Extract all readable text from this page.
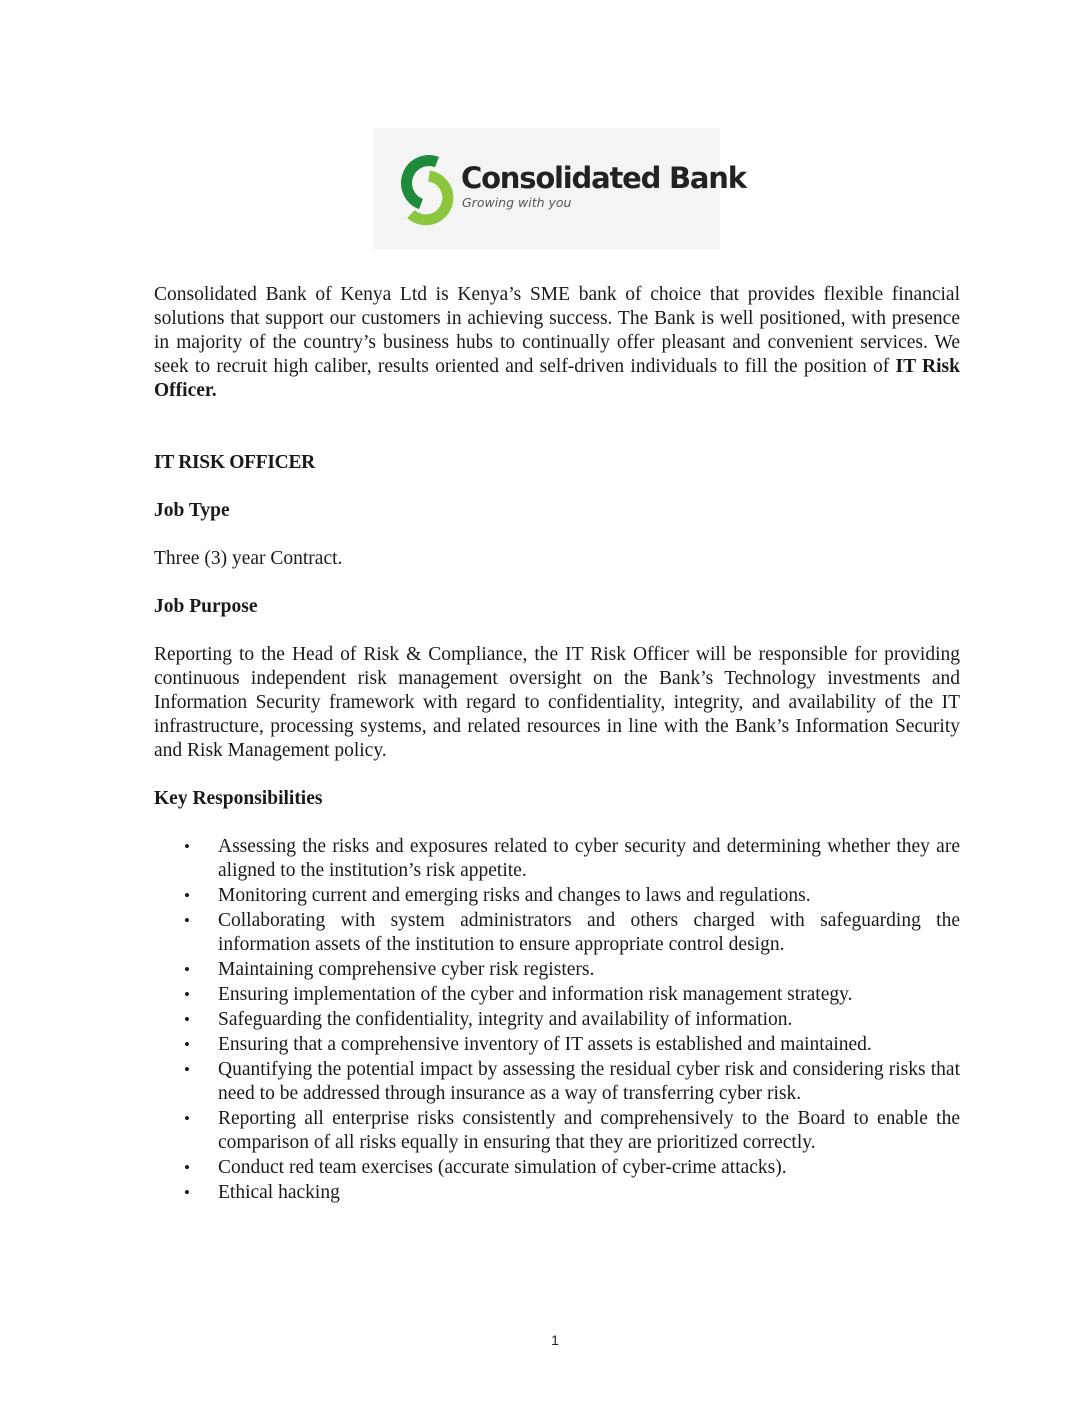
Consolidated Bank
Growing with you

Consolidated Bank of Kenya Ltd is Kenya’s SME bank of choice that provides flexible financial solutions that support our customers in achieving success. The Bank is well positioned, with presence in majority of the country’s business hubs to continually offer pleasant and convenient services. We seek to recruit high caliber, results oriented and self-driven individuals to fill the position of IT Risk Officer.

IT RISK OFFICER
Job Type

Three (3) year Contract.

Job Purpose

Reporting to the Head of Risk & Compliance, the IT Risk Officer will be responsible for providing continuous independent risk management oversight on the Bank’s Technology investments and Information Security framework with regard to confidentiality, integrity, and availability of the IT infrastructure, processing systems, and related resources in line with the Bank’s Information Security and Risk Management policy.

Key Responsibilities
• Assessing the risks and exposures related to cyber security and determining whether they are aligned to the institution’s risk appetite.
• Monitoring current and emerging risks and changes to laws and regulations.
• Collaborating with system administrators and others charged with safeguarding the information assets of the institution to ensure appropriate control design.
• Maintaining comprehensive cyber risk registers.
• Ensuring implementation of the cyber and information risk management strategy.
• Safeguarding the confidentiality, integrity and availability of information.
• Ensuring that a comprehensive inventory of IT assets is established and maintained.
• Quantifying the potential impact by assessing the residual cyber risk and considering risks that need to be addressed through insurance as a way of transferring cyber risk.
• Reporting all enterprise risks consistently and comprehensively to the Board to enable the comparison of all risks equally in ensuring that they are prioritized correctly.
• Conduct red team exercises (accurate simulation of cyber-crime attacks).
• Ethical hacking
1
